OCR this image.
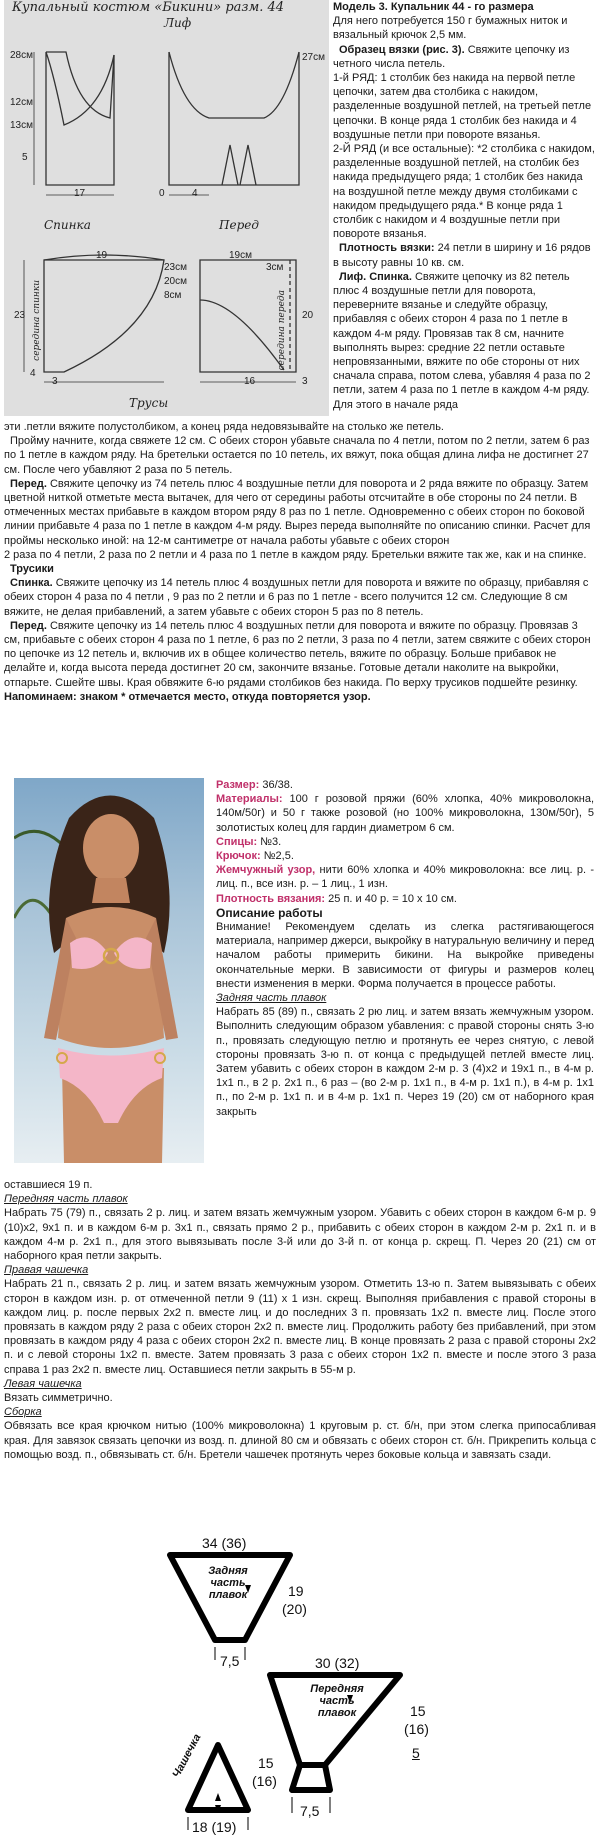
Купальный костюм «Бикини» разм. 44
Лиф
Спинка	Перед
Трусы
28см
12см
13см
5
17	0	4
27см
19
23 середина спинки
4
3	16	3
23см
20см
8см
20
19см
3см
середина переда

Модель 3. Купальник 44 - го размера

Для него потребуется 150 г бумажных ниток и вязальный крючок 2,5 мм.

Образец вязки (рис. 3). Свяжите цепочку из четного числа петель.

1-й РЯД: 1 столбик без накида на первой петле цепочки, затем два столбика с накидом, разделенные воздушной петлей, на третьей петле цепочки. В конце ряда 1 столбик без накида и 4 воздушные петли при повороте вязанья.

2-Й РЯД (и все остальные): *2 столбика с накидом, разделенные воздушной петлей, на столбик без накида предыдущего ряда; 1 столбик без накида на воздушной петле между двумя столбиками с накидом предыдущего ряда.* В конце ряда 1 столбик с накидом и 4 воздушные петли при повороте вязанья.

Плотность вязки: 24 петли в ширину и 16 рядов в высоту равны 10 кв. см.

Лиф. Спинка. Свяжите цепочку из 82 петель плюс 4 воздушные петли для поворота, переверните вязанье и следуйте образцу, прибавляя с обеих сторон 4 раза по 1 петле в каждом 4-м ряду. Провязав так 8 см, начните выполнять вырез: средние 22 петли оставьте непровязанными, вяжите по обе стороны от них сначала справа, потом слева, убавляя 4 раза по 2 петли, затем 4 раза по 1 петле в каждом 4-м ряду. Для этого в начале ряда

эти .петли вяжите полустолбиком, а конец ряда недовязывайте на столько же петель.

Пройму начните, когда свяжете 12 см. С обеих сторон убавьте сначала по 4 петли, потом по 2 петли, затем 6 раз по 1 петле в каждом ряду. На бретельки остается по 10 петель, их вяжут, пока общая длина лифа не достигнет 27 см. После чего убавляют 2 раза по 5 петель.

Перед. Свяжите цепочку из 74 петель плюс 4 воздушные петли для поворота и 2 ряда вяжите по образцу. Затем цветной ниткой отметьте места вытачек, для чего от середины работы отсчитайте в обе стороны по 24 петли. В отмеченных местах прибавьте в каждом втором ряду 8 раз по 1 петле. Одновременно с обеих сторон по боковой линии прибавьте 4 раза по 1 петле в каждом 4-м ряду. Вырез переда выполняйте по описанию спинки. Расчет для проймы несколько иной: на 12-м сантиметре от начала работы убавьте с обеих сторон

2 раза по 4 петли, 2 раза по 2 петли и 4 раза по 1 петле в каждом ряду. Бретельки вяжите так же, как и на спинке.

Трусики

Спинка. Свяжите цепочку из 14 петель плюс 4 воздушных петли для поворота и вяжите по образцу, прибавляя с обеих сторон 4 раза по 4 петли , 9 раз по 2 петли и 6 раз по 1 петле - всего получится 12 см. Следующие 8 см вяжите, не делая прибавлений, а затем убавьте с обеих сторон 5 раз по 8 петель.

Перед. Свяжите цепочку из 14 петель плюс 4 воздушных петли для поворота и вяжите по образцу. Провязав 3 см, прибавьте с обеих сторон 4 раза по 1 петле, 6 раз по 2 петли, 3 раза по 4 петли, затем свяжите с обеих сторон по цепочке из 12 петель и, включив их в общее количество петель, вяжите по образцу. Больше прибавок не делайте и, когда высота переда достигнет 20 см, закончите вязанье. Готовые детали наколите на выкройки, отпарьте. Сшейте швы. Края обвяжите 6-ю рядами столбиков без накида. По верху трусиков подшейте резинку.

Напоминаем: знаком * отмечается место, откуда повторяется узор.

Размер: 36/38.

Материалы: 100 г розовой пряжи (60% хлопка, 40% микроволокна, 140м/50г) и 50 г также розовой (но 100% микроволокна, 130м/50г), 5 золотистых колец для гардин диаметром 6 см.

Спицы: №3.

Крючок: №2,5.

Жемчужный узор, нити 60% хлопка и 40% микроволокна: все лиц. р. - лиц. п., все изн. р. – 1 лиц., 1 изн.

Плотность вязания: 25 п. и 40 р. = 10 х 10 см.

Описание работы

Внимание! Рекомендуем сделать из слегка растягивающегося материала, например джерси, выкройку в натуральную величину и перед началом работы примерить бикини. На выкройке приведены окончательные мерки. В зависимости от фигуры и размеров колец внести изменения в мерки. Форма получается в процессе работы.

Задняя часть плавок

Набрать 85 (89) п., связать 2 рю лиц. и затем вязать жемчужным узором. Выполнить следующим образом убавления: с правой стороны снять 3-ю п., провязать следующую петлю и протянуть ее через снятую, с левой стороны провязать 3-ю п. от конца с предыдущей петлей вместе лиц. Затем убавить с обеих сторон в каждом 2-м р. 3 (4)x2 и 19x1 п., в 4-м р. 1x1 п., в 2 р. 2x1 п., 6 раз – (во 2-м р. 1x1 п., в 4-м р. 1x1 п.), в 4-м р. 1x1 п., по 2-м р. 1x1 п. и в 4-м р. 1x1 п. Через 19 (20) см от наборного края закрыть

оставшиеся 19 п.

Передняя часть плавок

Набрать 75 (79) п., связать 2 р. лиц. и затем вязать жемчужным узором. Убавить с обеих сторон в каждом 6-м р. 9 (10)x2, 9x1 п. и в каждом 6-м р. 3x1 п., связать прямо 2 р., прибавить с обеих сторон в каждом 2-м р. 2x1 п. и в каждом 4-м р. 2x1 п., для этого вывязывать после 3-й или до 3-й п. от конца р. скрещ. П. Через 20 (21) см от наборного края петли закрыть.

Правая чашечка

Набрать 21 п., связать 2 р. лиц. и затем вязать жемчужным узором. Отметить 13-ю п. Затем вывязывать с обеих сторон в каждом изн. р. от отмеченной петли 9 (11) x 1 изн. скрещ. Выполняя прибавления с правой стороны в каждом лиц. р. после первых 2x2 п. вместе лиц. и до последних 3 п. провязать 1x2 п. вместе лиц. После этого провязать в каждом ряду 2 раза с обеих сторон 2x2 п. вместе лиц. Продолжить работу без прибавлений, при этом провязать в каждом ряду 4 раза с обеих сторон 2x2 п. вместе лиц. В конце провязать 2 раза с правой стороны 2x2 п. и с левой стороны 1x2 п. вместе. Затем провязать 3 раза с обеих сторон 1x2 п. вместе и после этого 3 раза справа 1 раз 2x2 п. вместе лиц. Оставшиеся петли закрыть в 55-м р.

Левая чашечка

Вязать симметрично.

Сборка

Обвязать все края крючком нитью (100% микроволокна) 1 круговым р. ст. б/н, при этом слегка припосабливая края. Для завязок связать цепочки из возд. п. длиной 80 см и обвязать с обеих сторон ст. б/н. Прикрепить кольца с помощью возд. п., обвязывать ст. б/н. Бретели чашечек протянуть через боковые кольца и завязать сзади.

34 (36)
Задняя часть плавок	19
(20)
7,5	30 (32)
Передняя часть плавок	15
(16)
5
7,5
Чашечка	15
(16)
18 (19)
